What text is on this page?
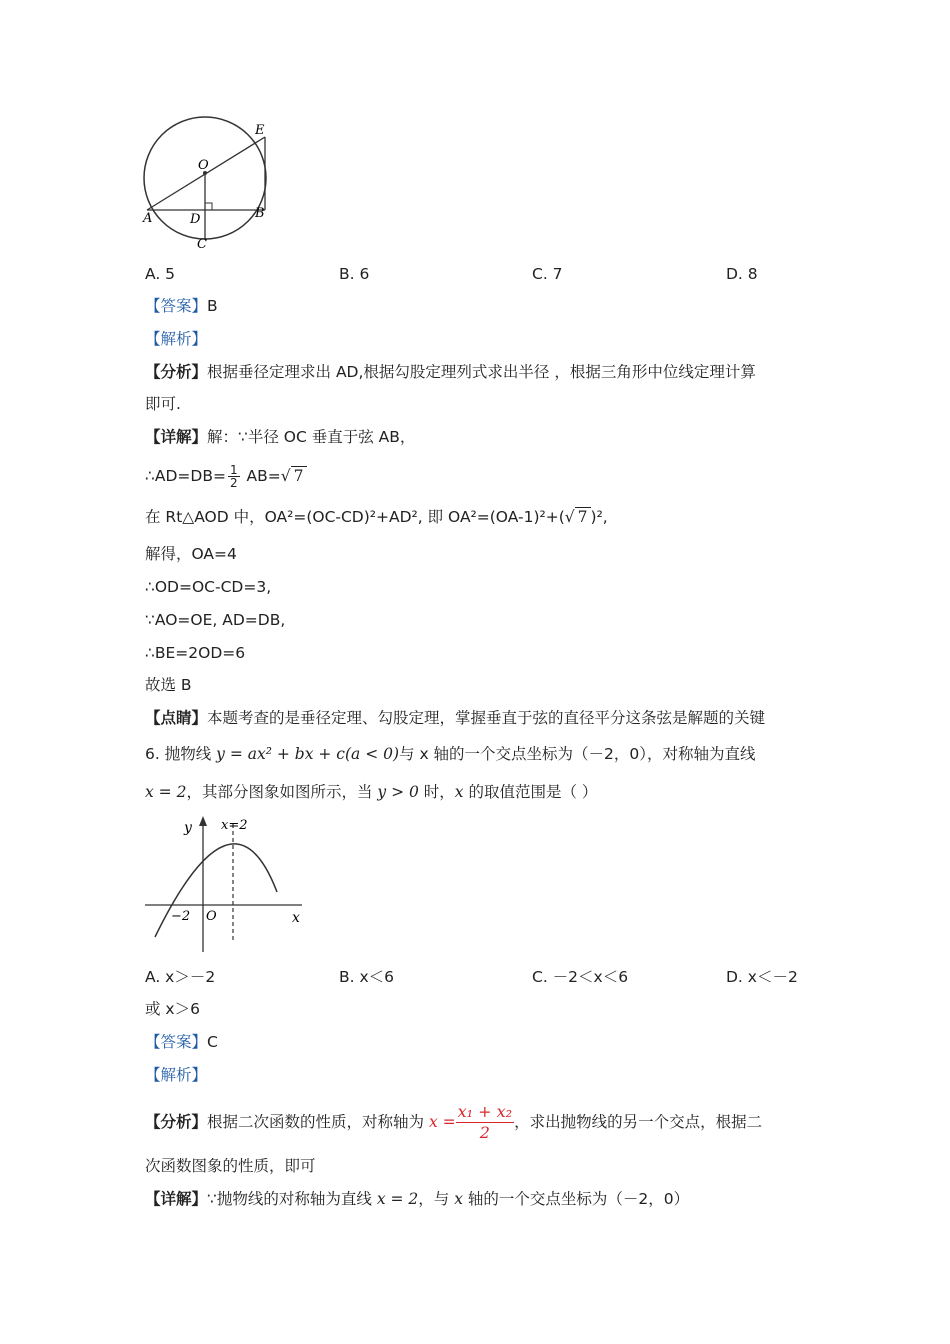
O
E
A	D	B
C
A. 5	B. 6	C. 7	D. 8
【答案】B
【解析】
【分析】根据垂径定理求出 AD,根据勾股定理列式求出半径 ，根据三角形中位线定理计算
即可.
【详解】解：∵半径 OC 垂直于弦 AB，
∴AD=DB= $\frac{1}{2} AB=√$ 7
在 Rt△AOD 中，OA²=(OC-CD)²+AD², 即 OA²=(OA-1)²+(√ 7 )²,
解得，OA=4
∴OD=OC-CD=3,
∵AO=OE, AD=DB,
∴BE=2OD=6
故选 B
【点睛】本题考查的是垂径定理、勾股定理，掌握垂直于弦的直径平分这条弦是解题的关键
6. 抛物线 y = ax² + bx + c(a < 0)与 x 轴的一个交点坐标为（－2，0），对称轴为直线
x = 2，其部分图象如图所示，当 y > 0 时，x 的取值范围是（ ）
y x=2
x
−2 O
A. x＞－2	B. x＜6	C. －2＜x＜6	D. x＜－2
或 x＞6
【答案】C
【解析】
【分析】根据二次函数的性质，对称轴为 $x = \frac{\text{x₁ + x₂}}{2}$ ，求出抛物线的另一个交点，根据二
次函数图象的性质，即可
【详解】∵抛物线的对称轴为直线 x = 2，与 x 轴的一个交点坐标为（－2，0）
